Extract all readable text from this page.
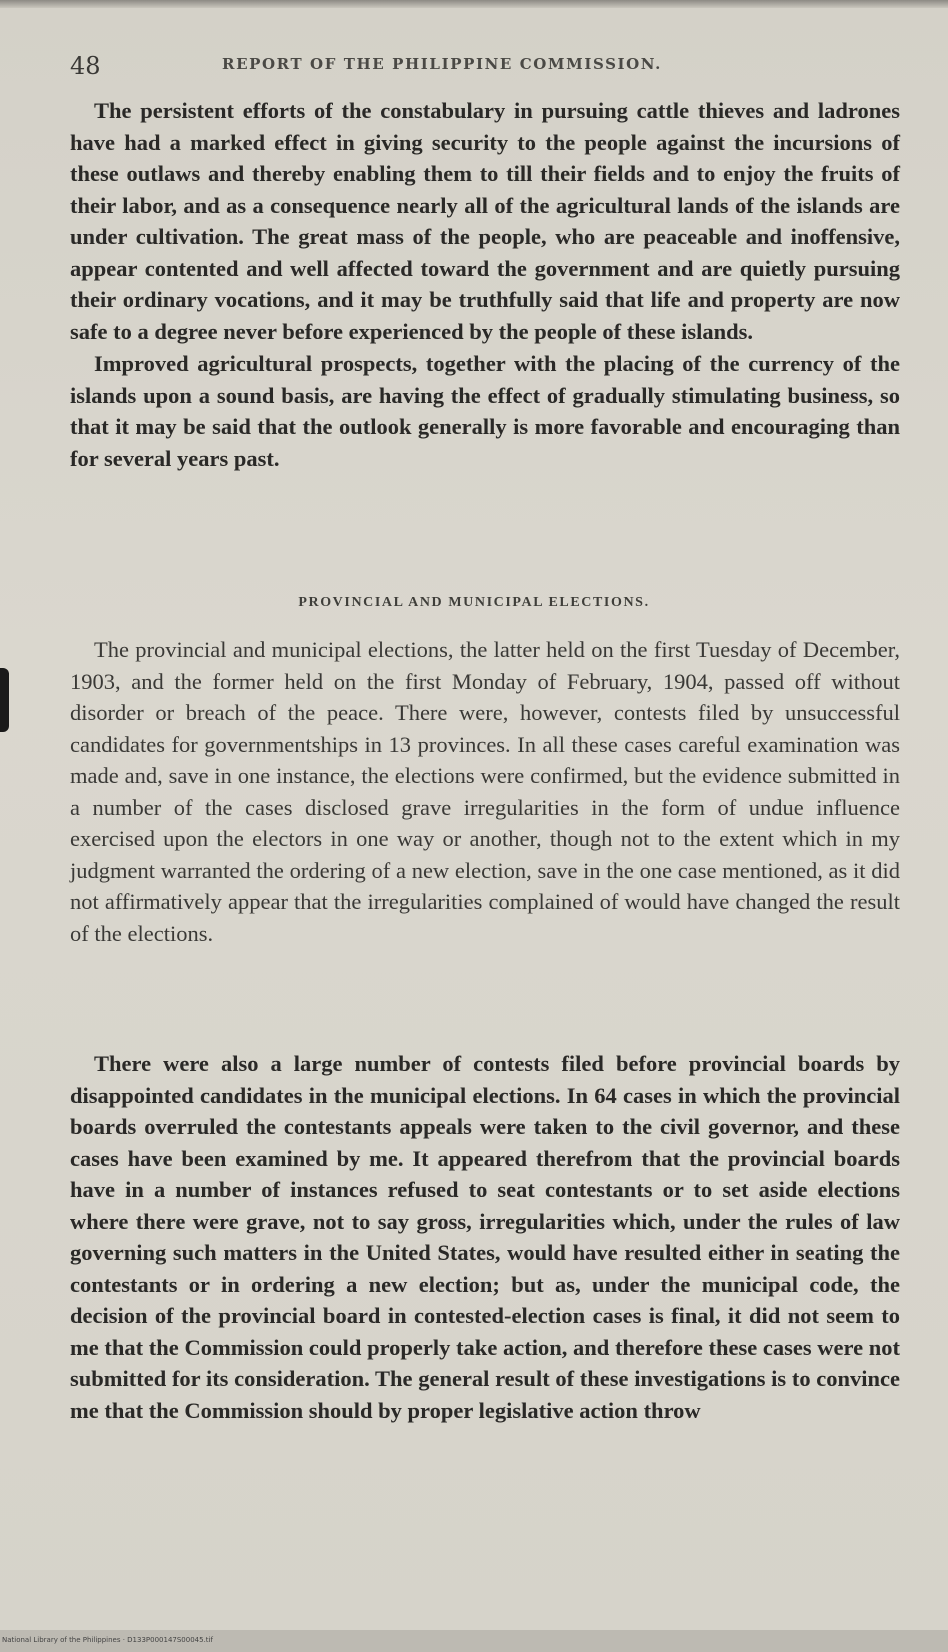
48	REPORT OF THE PHILIPPINE COMMISSION.

The persistent efforts of the constabulary in pursuing cattle thieves and ladrones have had a marked effect in giving security to the people against the incursions of these outlaws and thereby enabling them to till their fields and to enjoy the fruits of their labor, and as a consequence nearly all of the agricultural lands of the islands are under cultivation. The great mass of the people, who are peaceable and inoffensive, appear contented and well affected toward the government and are quietly pursuing their ordinary vocations, and it may be truthfully said that life and property are now safe to a degree never before experienced by the people of these islands.

Improved agricultural prospects, together with the placing of the currency of the islands upon a sound basis, are having the effect of gradually stimulating business, so that it may be said that the outlook generally is more favorable and encouraging than for several years past.

PROVINCIAL AND MUNICIPAL ELECTIONS.

The provincial and municipal elections, the latter held on the first Tuesday of December, 1903, and the former held on the first Monday of February, 1904, passed off without disorder or breach of the peace. There were, however, contests filed by unsuccessful candidates for governmentships in 13 provinces. In all these cases careful examination was made and, save in one instance, the elections were confirmed, but the evidence submitted in a number of the cases disclosed grave irregularities in the form of undue influence exercised upon the electors in one way or another, though not to the extent which in my judgment warranted the ordering of a new election, save in the one case mentioned, as it did not affirmatively appear that the irregularities complained of would have changed the result of the elections.

There were also a large number of contests filed before provincial boards by disappointed candidates in the municipal elections. In 64 cases in which the provincial boards overruled the contestants appeals were taken to the civil governor, and these cases have been examined by me. It appeared therefrom that the provincial boards have in a number of instances refused to seat contestants or to set aside elections where there were grave, not to say gross, irregularities which, under the rules of law governing such matters in the United States, would have resulted either in seating the contestants or in ordering a new election; but as, under the municipal code, the decision of the provincial board in contested-election cases is final, it did not seem to me that the Commission could properly take action, and therefore these cases were not submitted for its consideration. The general result of these investigations is to convince me that the Commission should by proper legislative action throw

National Library of the Philippines · D133P000147S00045.tif
